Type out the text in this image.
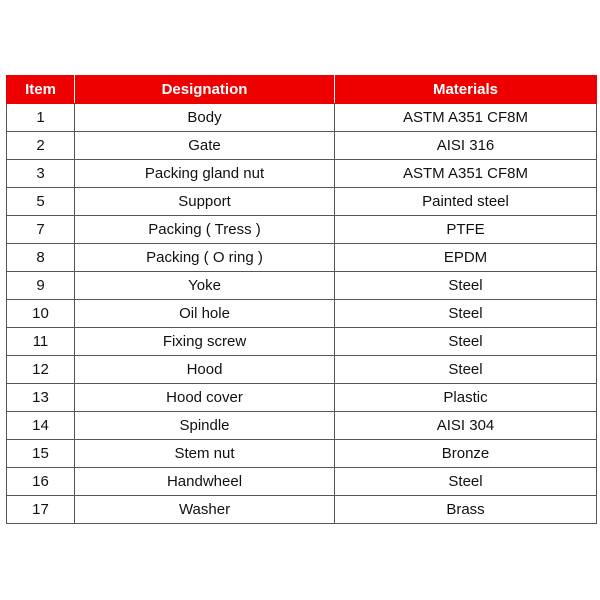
Item	Designation	Materials
1	Body	ASTM A351 CF8M
2	Gate	AISI 316
3	Packing gland nut	ASTM A351 CF8M
5	Support	Painted steel
7	Packing ( Tress )	PTFE
8	Packing ( O ring )	EPDM
9	Yoke	Steel
10	Oil hole	Steel
11	Fixing screw	Steel
12	Hood	Steel
13	Hood cover	Plastic
14	Spindle	AISI 304
15	Stem nut	Bronze
16	Handwheel	Steel
17	Washer	Brass
